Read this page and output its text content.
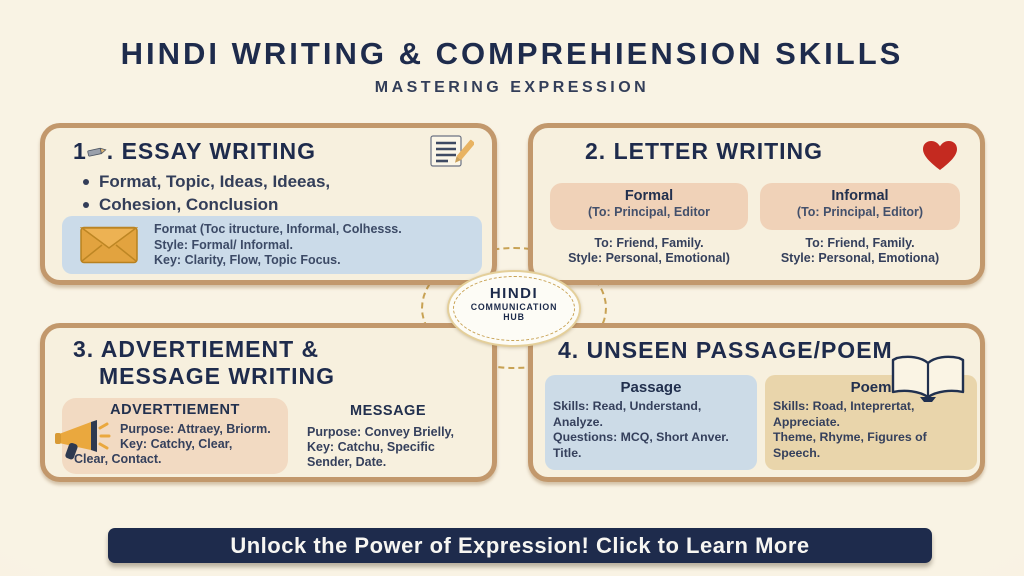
HINDI WRITING & COMPREHIENSION SKILLS
MASTERING EXPRESSION
1 . ESSAY WRITING
Format, Topic, Ideas, Ideeas,
Cohesion, Conclusion
Format (Toc itructure, Informal, Colhesss.
Style: Formal/ Informal.
Key: Clarity, Flow, Topic Focus.
2. LETTER WRITING
Formal
(To: Principal, Editor
Informal
(To: Principal, Editor)
To: Friend, Family.
Style: Personal, Emotional)
To: Friend, Family.
Style: Personal, Emotiona)
3. ADVERTIEMENT &
MESSAGE WRITING
ADVERTTIEMENT
Purpose: Attraey, Briorm.
Key: Catchy, Clear,
Clear, Contact.
MESSAGE
Purpose: Convey Brielly,
Key: Catchu, Specific
Sender, Date.
4. UNSEEN PASSAGE/POEM
Passage
Skills: Read, Understand,
Analyze.
Questions: MCQ, Short Anver.
Title.
Poem
Skills: Road, Inteprertat,
Appreciate.
Theme, Rhyme, Figures of
Speech.
HINDI
COMMUNICATION
HUB
Unlock the Power of Expression! Click to Learn More
